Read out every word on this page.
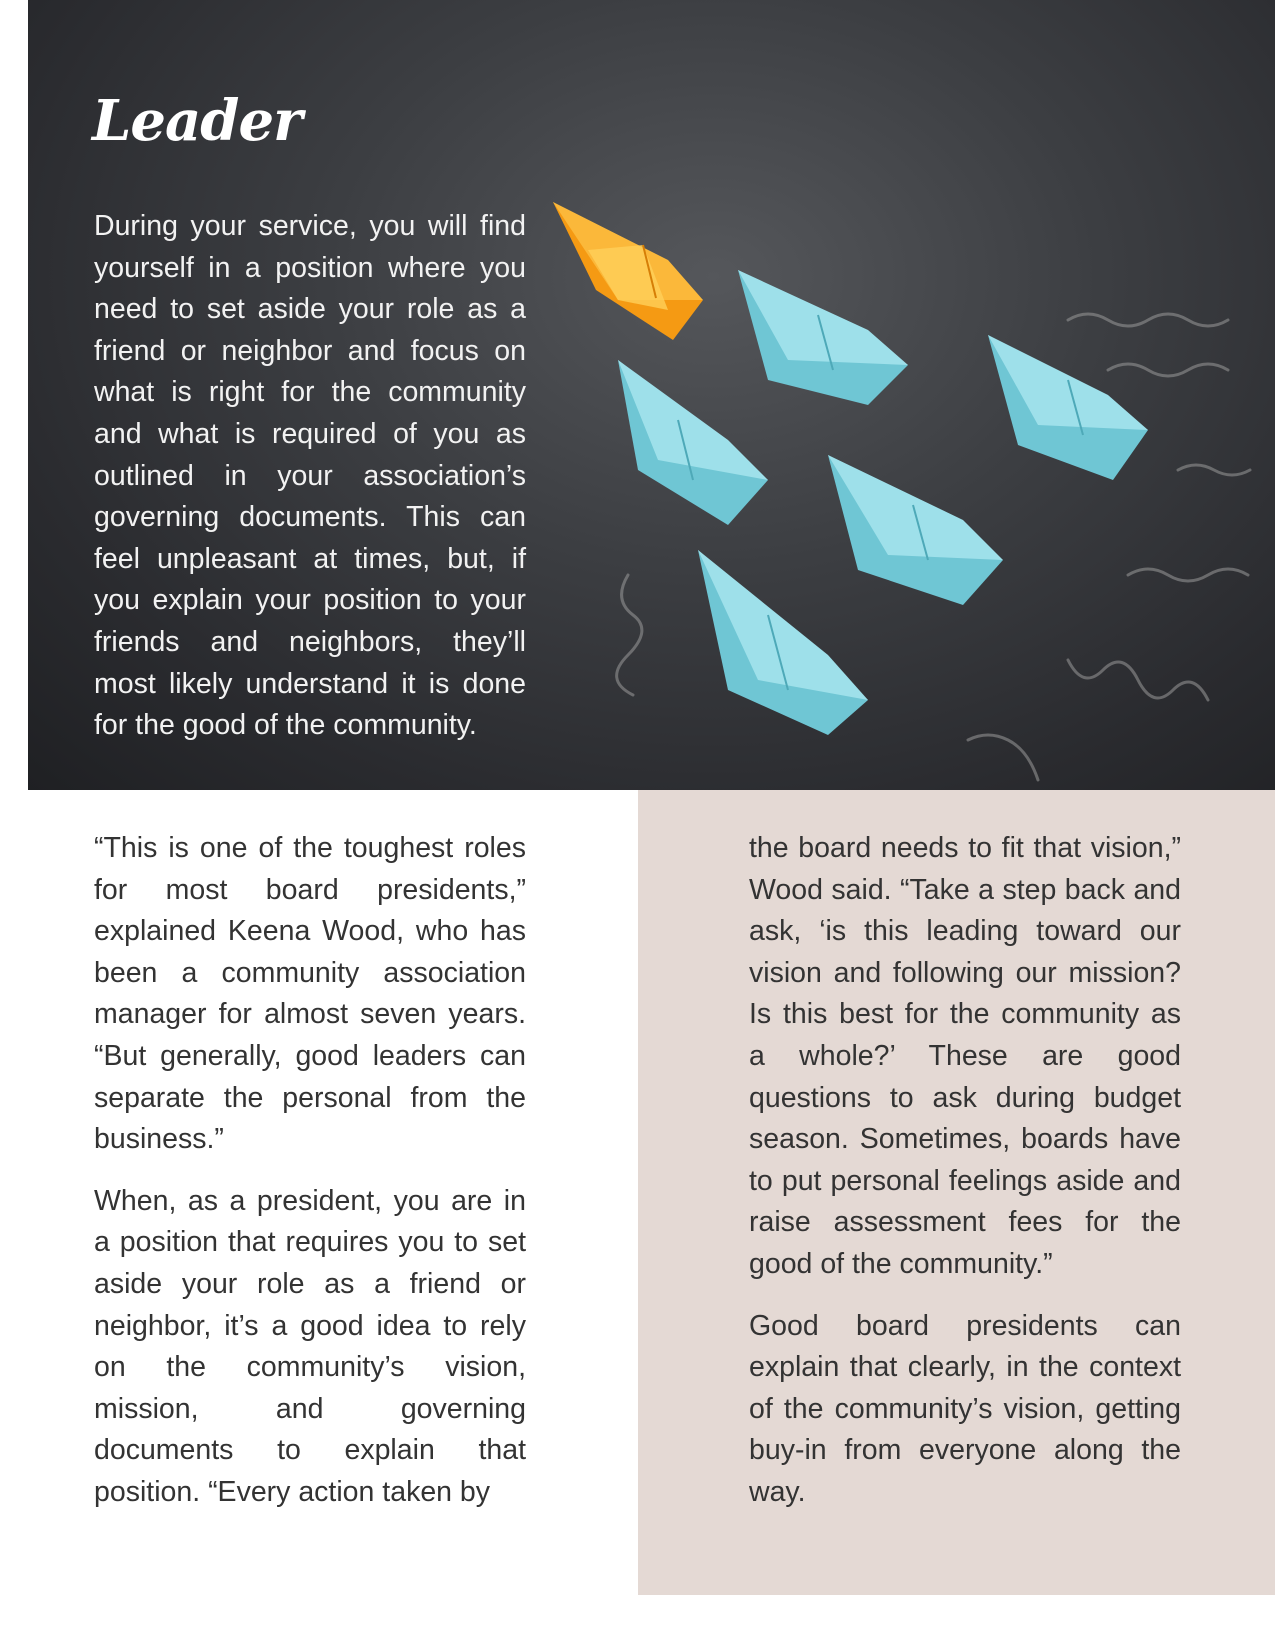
Leader

During your service, you will find yourself in a position where you need to set aside your role as a friend or neighbor and focus on what is right for the community and what is required of you as outlined in your association’s governing documents. This can feel unpleasant at times, but, if you explain your position to your friends and neighbors, they’ll most likely understand it is done for the good of the community.

“This is one of the toughest roles for most board presidents,” explained Keena Wood, who has been a community association manager for almost seven years. “But generally, good leaders can separate the personal from the business.”

When, as a president, you are in a position that requires you to set aside your role as a friend or neighbor, it’s a good idea to rely on the community’s vision, mission, and governing documents to explain that position. “Every action taken by

the board needs to fit that vision,” Wood said. “Take a step back and ask, ‘is this leading toward our vision and following our mission? Is this best for the community as a whole?’ These are good questions to ask during budget season. Sometimes, boards have to put personal feelings aside and raise assessment fees for the good of the community.”

Good board presidents can explain that clearly, in the context of the community’s vision, getting buy-in from everyone along the way.
